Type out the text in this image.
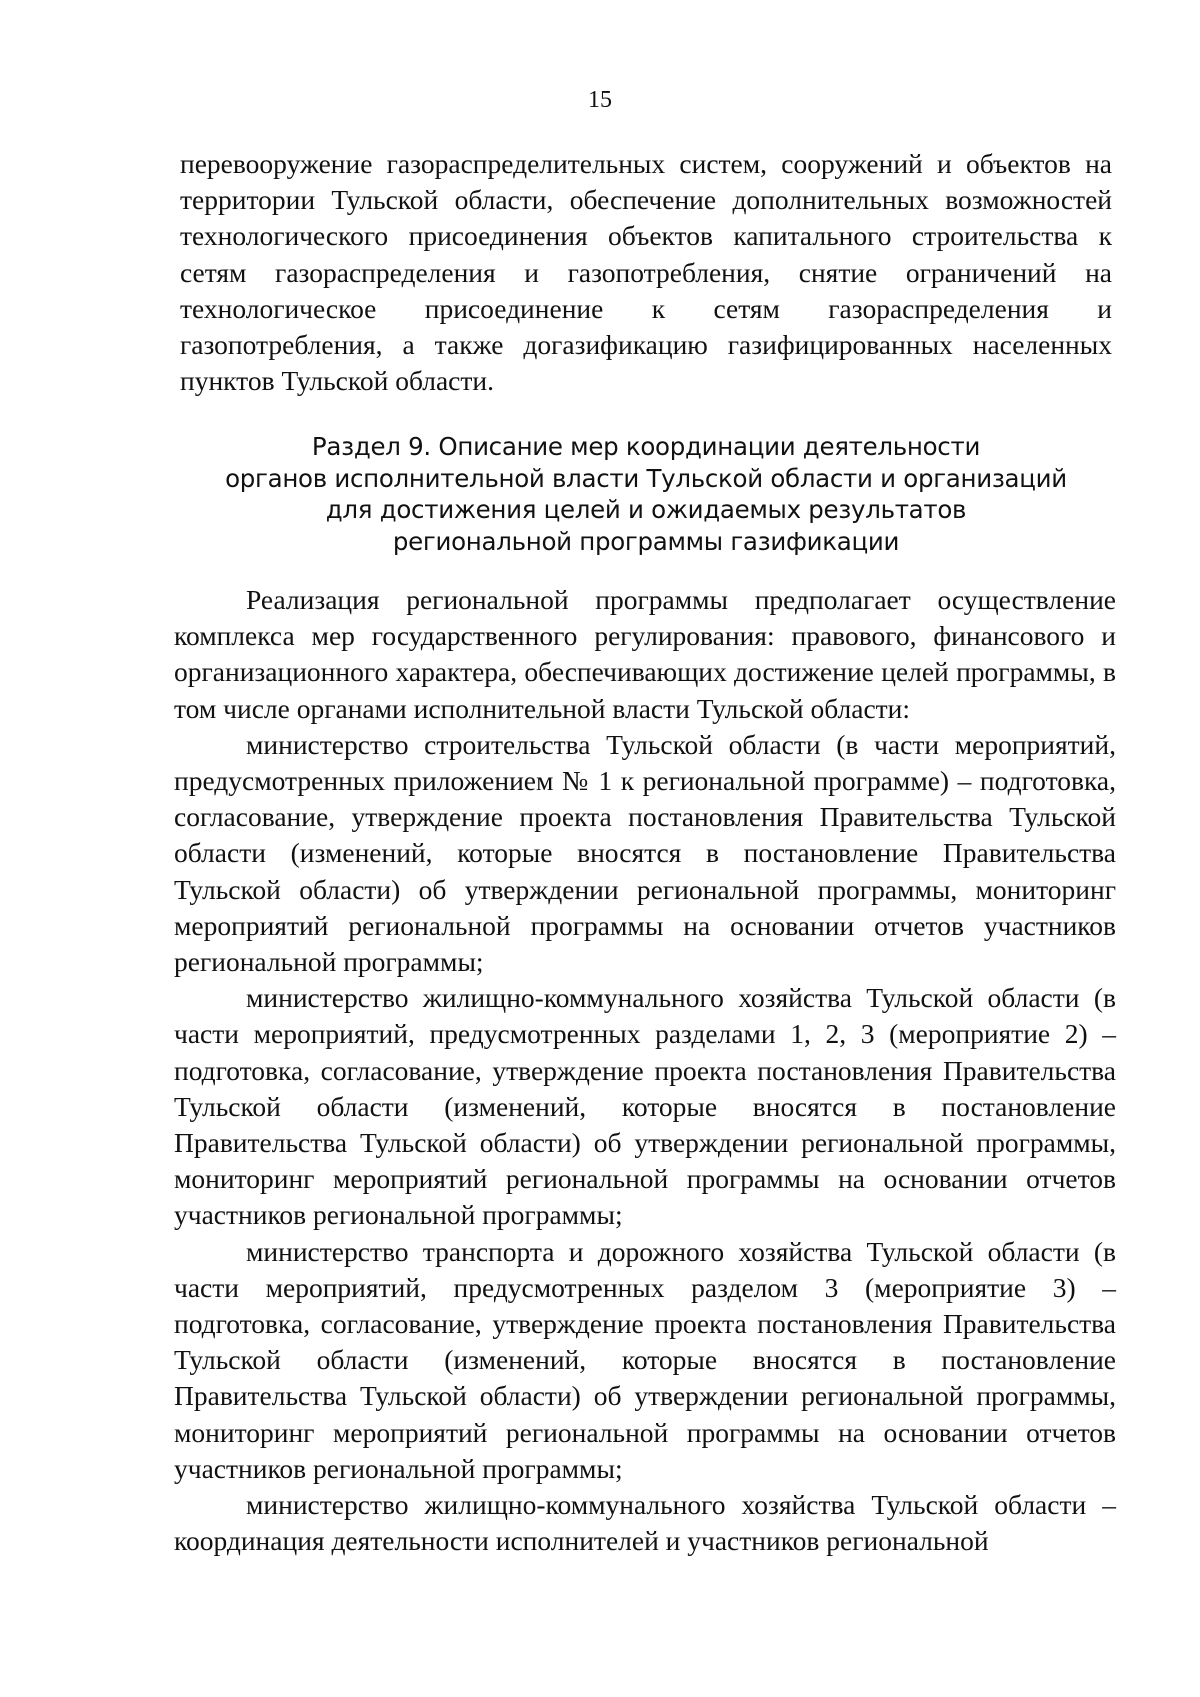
15

перевооружение газораспределительных систем, сооружений и объектов на территории Тульской области, обеспечение дополнительных возможностей технологического присоединения объектов капитального строительства к сетям газораспределения и газопотребления, снятие ограничений на технологическое присоединение к сетям газораспределения и газопотребления, а также догазификацию газифицированных населенных пунктов Тульской области.

Раздел 9. Описание мер координации деятельности
органов исполнительной власти Тульской области и организаций
для достижения целей и ожидаемых результатов
региональной программы газификации

Реализация региональной программы предполагает осуществление комплекса мер государственного регулирования: правового, финансового и организационного характера, обеспечивающих достижение целей программы, в том числе органами исполнительной власти Тульской области:

министерство строительства Тульской области (в части мероприятий, предусмотренных приложением № 1 к региональной программе) – подготовка, согласование, утверждение проекта постановления Правительства Тульской области (изменений, которые вносятся в постановление Правительства Тульской области) об утверждении региональной программы, мониторинг мероприятий региональной программы на основании отчетов участников региональной программы;

министерство жилищно-коммунального хозяйства Тульской области (в части мероприятий, предусмотренных разделами 1, 2, 3 (мероприятие 2) – подготовка, согласование, утверждение проекта постановления Правительства Тульской области (изменений, которые вносятся в постановление Правительства Тульской области) об утверждении региональной программы, мониторинг мероприятий региональной программы на основании отчетов участников региональной программы;

министерство транспорта и дорожного хозяйства Тульской области (в части мероприятий, предусмотренных разделом 3 (мероприятие 3) – подготовка, согласование, утверждение проекта постановления Правительства Тульской области (изменений, которые вносятся в постановление Правительства Тульской области) об утверждении региональной программы, мониторинг мероприятий региональной программы на основании отчетов участников региональной программы;

министерство жилищно-коммунального хозяйства Тульской области – координация деятельности исполнителей и участников региональной
